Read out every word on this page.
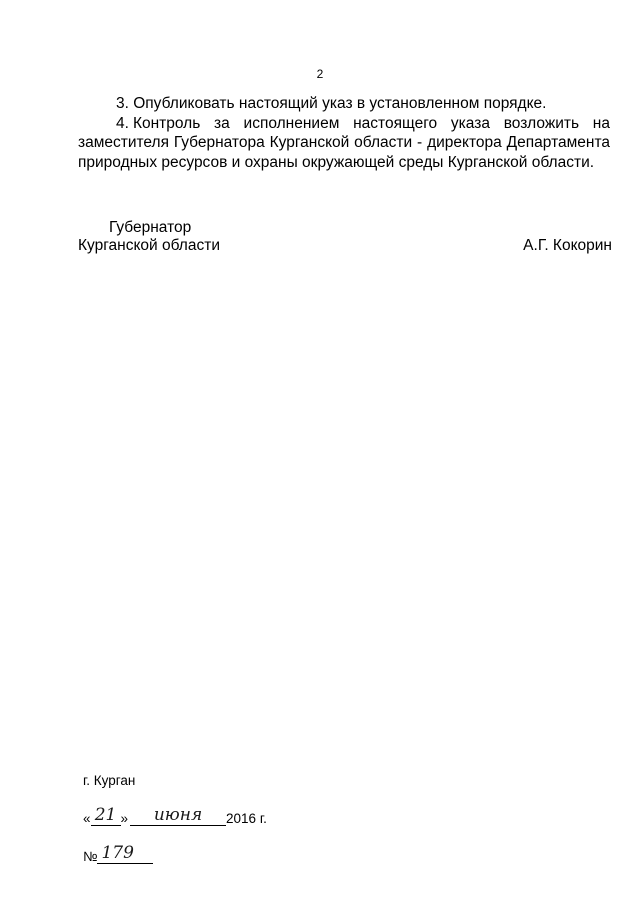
2

3. Опубликовать настоящий указ в установленном порядке.

4. Контроль за исполнением настоящего указа возложить на заместителя Губернатора Курганской области - директора Департамента природных ресурсов и охраны окружающей среды Курганской области.

Губернатор
Курганской области	А.Г. Кокорин
г. Курган
« 21 »	июня	2016 г.
№ 179
